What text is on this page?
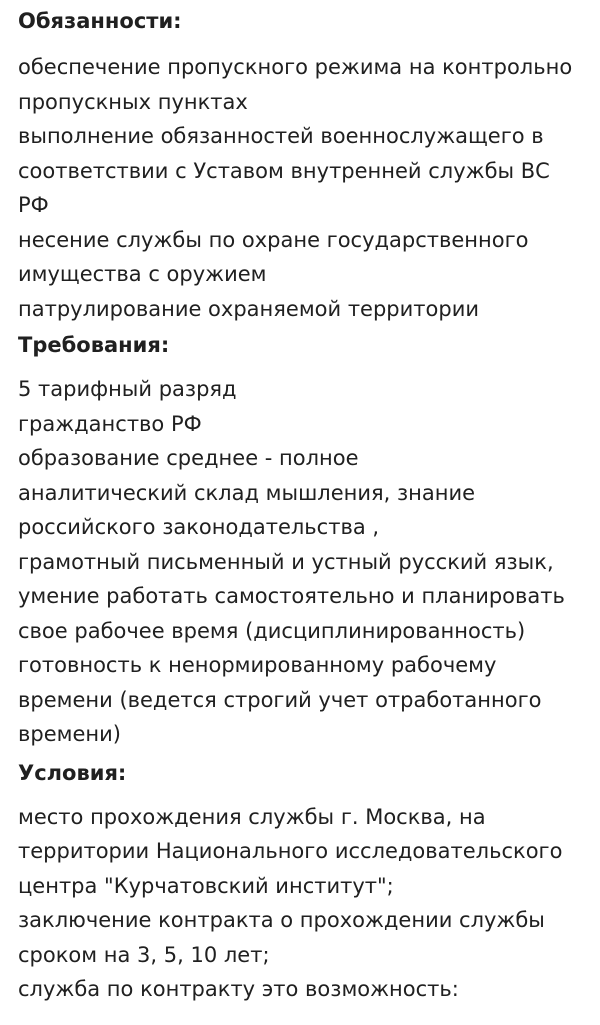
Обязанности:
обеспечение пропускного режима на контрольно
пропускных пунктах
выполнение обязанностей военнослужащего в
соответствии с Уставом внутренней службы ВС
РФ
несение службы по охране государственного
имущества с оружием
патрулирование охраняемой территории
Требования:
5 тарифный разряд
гражданство РФ
образование среднее - полное
аналитический склад мышления, знание
российского законодательства ,
грамотный письменный и устный русский язык,
умение работать самостоятельно и планировать
свое рабочее время (дисциплинированность)
готовность к ненормированному рабочему
времени (ведется строгий учет отработанного
времени)
Условия:
место прохождения службы г. Москва, на
территории Национального исследовательского
центра "Курчатовский институт";
заключение контракта о прохождении службы
сроком на 3, 5, 10 лет;
служба по контракту это возможность:
